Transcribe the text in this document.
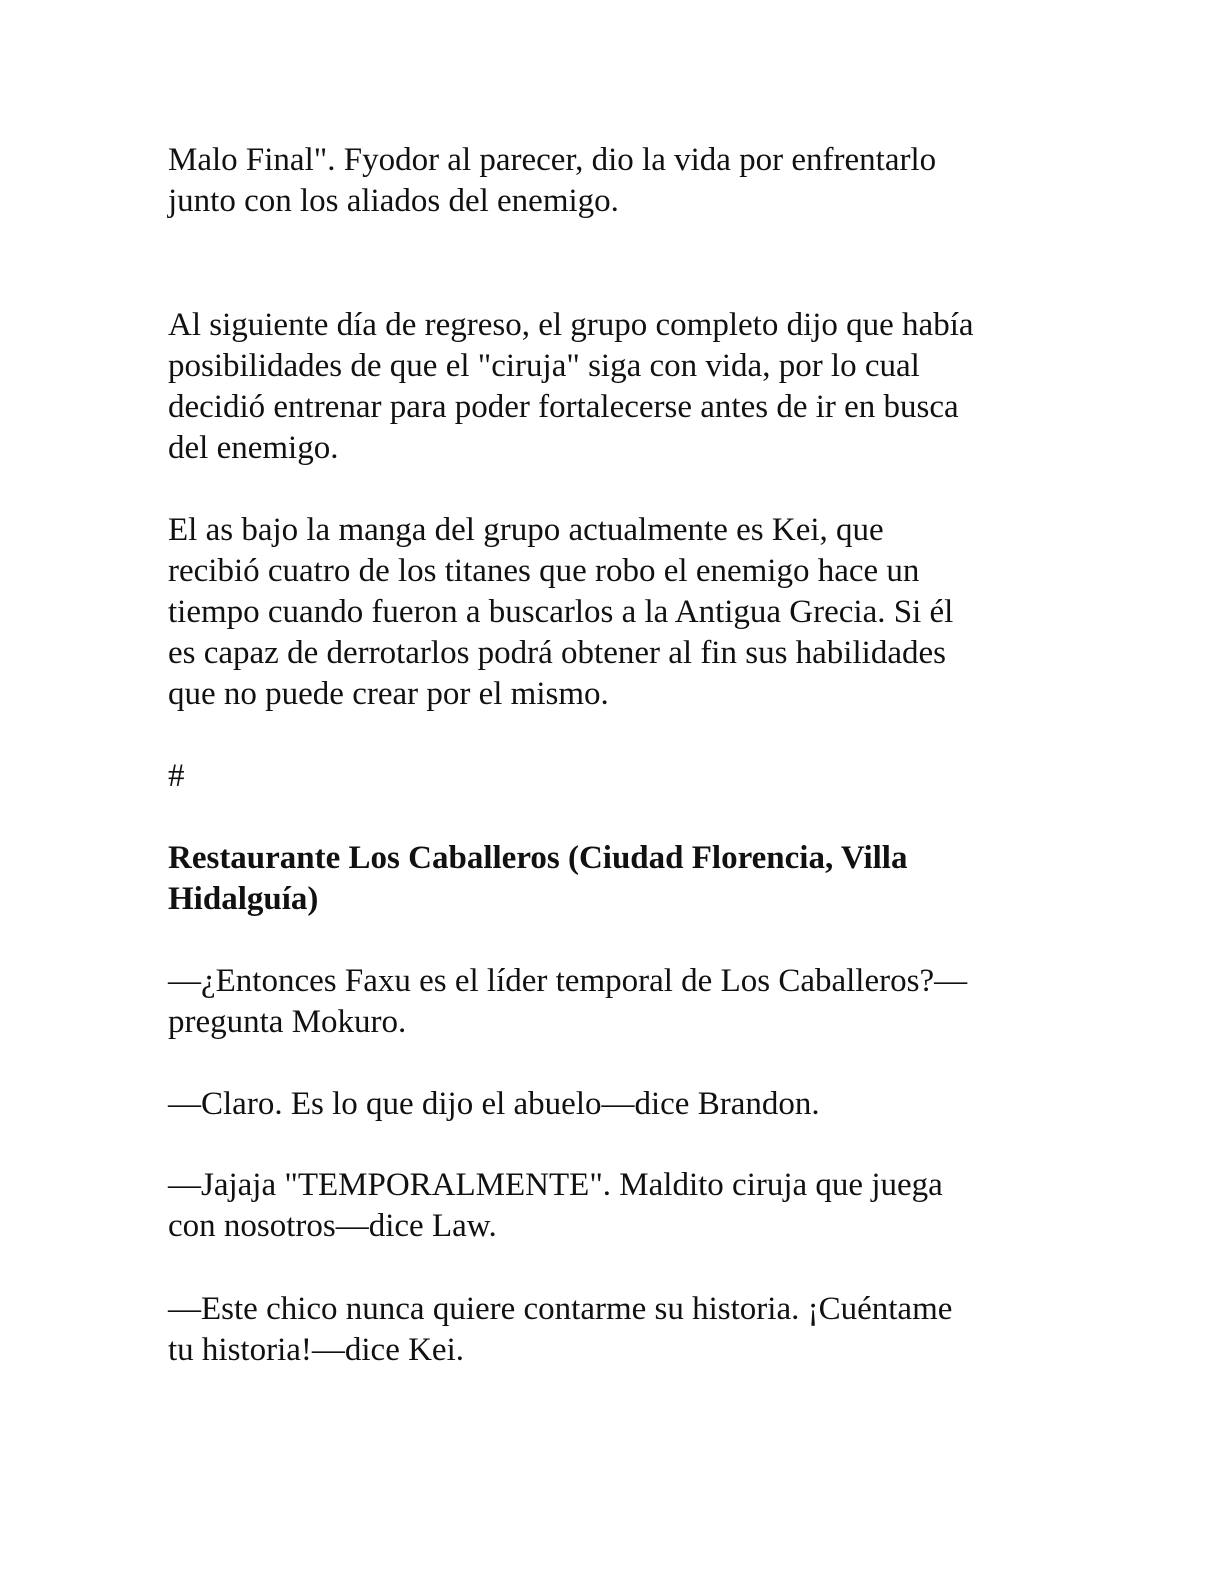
Malo Final". Fyodor al parecer, dio la vida por enfrentarlo
junto con los aliados del enemigo.

Al siguiente día de regreso, el grupo completo dijo que había
posibilidades de que el "ciruja" siga con vida, por lo cual
decidió entrenar para poder fortalecerse antes de ir en busca
del enemigo.

El as bajo la manga del grupo actualmente es Kei, que
recibió cuatro de los titanes que robo el enemigo hace un
tiempo cuando fueron a buscarlos a la Antigua Grecia. Si él
es capaz de derrotarlos podrá obtener al fin sus habilidades
que no puede crear por el mismo.

#

Restaurante Los Caballeros (Ciudad Florencia, Villa
Hidalguía)

—¿Entonces Faxu es el líder temporal de Los Caballeros?—
pregunta Mokuro.

—Claro. Es lo que dijo el abuelo—dice Brandon.

—Jajaja "TEMPORALMENTE". Maldito ciruja que juega
con nosotros—dice Law.

—Este chico nunca quiere contarme su historia. ¡Cuéntame
tu historia!—dice Kei.
